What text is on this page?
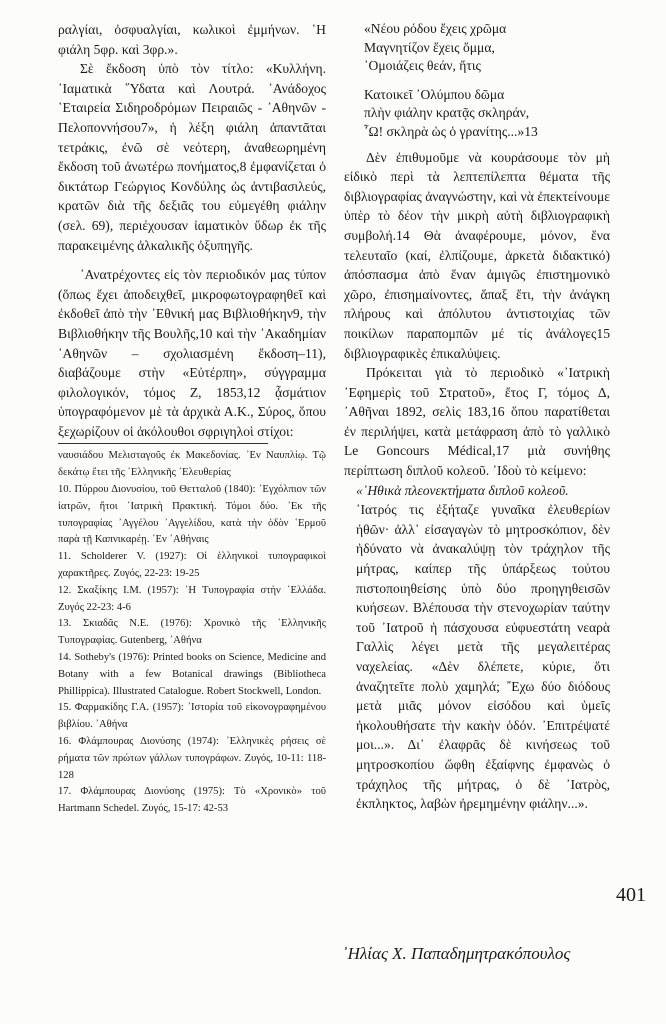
ραλγίαι, ὀσφυαλγίαι, κωλικοὶ ἐμμήνων. ῾Η φιάλη 5φρ. καὶ 3φρ.».

Σὲ ἔκδοση ὑπὸ τὸν τίτλο: «Κυλλήνη. ᾿Ιαματικὰ ῞Υδατα καὶ Λουτρά. ᾿Ανάδοχος ῾Εταιρεία Σιδηροδρόμων Πειραιῶς - ᾿Αθηνῶν - Πελοποννήσου7», ἡ λέξη φιάλη ἀπαντᾶται τετράκις, ἐνῶ σὲ νεότερη, ἀναθεωρημένη ἔκδοση τοῦ ἀνωτέρω πονήματος,8 ἐμφανίζεται ὁ δικτάτωρ Γεώργιος Κονδύλης ὡς ἀντιβασιλεύς, κρατῶν διὰ τῆς δεξιᾶς του εὐμεγέθη φιάλην (σελ. 69), περιέχουσαν ἰαματικὸν ὕδωρ ἐκ τῆς παρακειμένης ἀλκαλικῆς ὀξυπηγῆς.

᾿Ανατρέχοντες εἰς τὸν περιοδικόν μας τύπον (ὅπως ἔχει ἀποδειχθεῖ, μικροφωτογραφηθεῖ καὶ ἐκδοθεῖ ἀπὸ τὴν ᾿Εθνική μας Βιβλιοθήκην9, τὴν Βιβλιοθήκην τῆς Βουλῆς,10 καὶ τὴν ᾿Ακαδημίαν ᾿Αθηνῶν – σχολιασμένη ἔκδοση–11), διαβάζουμε στὴν «Εὐτέρπη», σύγγραμμα φιλολογικόν, τόμος Ζ, 1853,12 ᾆσμάτιον ὑπογραφόμενον μὲ τὰ ἀρχικὰ Α.Κ., Σύρος, ὅπου ξεχωρίζουν οἱ ἀκόλουθοι σφριγηλοὶ στίχοι:

ναυσιάδου Μελισταγοῦς ἐκ Μακεδονίας. ᾿Εν Ναυπλίῳ. Τῷ δεκάτῳ ἔτει τῆς ῾Ελληνικῆς ᾿Ελευθερίας

10. Πύρρου Διονυσίου, τοῦ Θετταλοῦ (1840): ᾿Εγχόλπιον τῶν ἰατρῶν, ἤτοι ᾿Ιατρικὴ Πρακτική. Τόμοι δύο. ᾿Εκ τῆς τυπογραφίας ᾿Αγγέλου ᾿Αγγελίδου, κατὰ τὴν ὁδὸν ῾Ερμοῦ παρὰ τῇ Καπνικαρέῃ. ᾿Εν ᾿Αθήναις

11. Scholderer V. (1927): Οἱ ἑλληνικοὶ τυπογραφικοὶ χαρακτῆρες. Ζυγός, 22-23: 19-25

12. Σκαξίκης Ι.Μ. (1957): ῾Η Τυπογραφία στὴν ῾Ελλάδα. Ζυγός 22-23: 4-6

13. Σκιαδᾶς Ν.Ε. (1976): Χρονικὸ τῆς ῾Ελληνικῆς Τυπογραφίας. Gutenberg, ᾿Αθήνα

14. Sotheby's (1976): Printed books on Science, Medicine and Botany with a few Botanical drawings (Bibliotheca Phillippica). Illustrated Catalogue. Robert Stockwell, London.

15. Φαρμακίδης Γ.Α. (1957): ᾿Ιστορία τοῦ εἰκονογραφημένου βιβλίου. ᾿Αθήνα

16. Φλάμπουρας Διονύσης (1974): ᾿Ελληνικὲς ρήσεις σὲ ρήματα τῶν πρώτων γάλλων τυπογράφων. Ζυγός, 10-11: 118-128

17. Φλάμπουρας Διονύσης (1975): Τὸ «Χρονικὸ» τοῦ Hartmann Schedel. Ζυγός, 15-17: 42-53

«Νέου ρόδου ἔχεις χρῶμα
Μαγνητίζον ἔχεις ὄμμα,
᾿Ομοιάζεις θεάν, ἥτις
Κατοικεῖ ᾿Ολύμπου δῶμα
πλὴν φιάλην κρατᾷς σκληράν,
῏Ω! σκληρὰ ὡς ὁ γρανίτης...»13

Δὲν ἐπιθυμοῦμε νὰ κουράσουμε τὸν μὴ εἰδικὸ περὶ τὰ λεπτεπίλεπτα θέματα τῆς διβλιογραφίας ἀναγνώστην, καὶ νὰ ἐπεκτείνουμε ὑπὲρ τὸ δέον τὴν μικρὴ αὐτὴ διβλιογραφικὴ συμβολή.14 Θὰ ἀναφέρουμε, μόνον, ἕνα τελευταῖο (καί, ἐλπίζουμε, ἀρκετὰ διδακτικό) ἀπόσπασμα ἀπὸ ἕναν ἀμιγῶς ἐπιστημονικὸ χῶρο, ἐπισημαίνοντες, ἅπαξ ἔτι, τὴν ἀνάγκη πλήρους καὶ ἀπόλυτου ἀντιστοιχίας τῶν ποικίλων παραπομπῶν μέ τίς ἀνάλογες15 διβλιογραφικὲς ἐπικαλύψεις.

Πρόκειται γιὰ τὸ περιοδικὸ «᾿Ιατρικὴ ᾿Εφημερὶς τοῦ Στρατοῦ», ἔτος Γ, τόμος Δ, ᾿Αθῆναι 1892, σελὶς 183,16 ὅπου παρατίθεται ἐν περιλήψει, κατὰ μετάφραση ἀπὸ τὸ γαλλικὸ Le Goncours Médical,17 μιὰ συνήθης περίπτωση διπλοῦ κολεοῦ. ᾿Ιδοὺ τὸ κείμενο:

«᾿Ηθικὰ πλεονεκτήματα διπλοῦ κολεοῦ.

᾿Ιατρός τις ἐξήταζε γυναῖκα ἐλευθερίων ἠθῶν· ἀλλ᾿ εἰσαγαγὼν τὸ μητροσκόπιον, δὲν ἠδύνατο νὰ ἀνακαλύψῃ τὸν τράχηλον τῆς μήτρας, καίπερ τῆς ὑπάρξεως τούτου πιστοποιηθείσης ὑπὸ δύο προηγηθεισῶν κυήσεων. Βλέπουσα τὴν στενοχωρίαν ταύτην τοῦ ᾿Ιατροῦ ἡ πάσχουσα εὐφυεστάτη νεαρὰ Γαλλὶς λέγει μετὰ τῆς μεγαλειτέρας ναχελείας. «Δὲν δλέπετε, κύριε, ὅτι ἀναζητεῖτε πολὺ χαμηλά; ῎Εχω δύο διόδους μετὰ μιᾶς μόνον εἰσόδου καὶ ὑμεῖς ἠκολουθήσατε τὴν κακὴν ὁδόν. ᾿Επιτρέψατέ μοι...». Δι᾿ ἐλαφρᾶς δὲ κινήσεως τοῦ μητροσκοπίου ὤφθη ἐξαίφνης ἐμφανὼς ὁ τράχηλος τῆς μήτρας, ὁ δὲ ᾿Ιατρὸς, ἐκπληκτος, λαβὼν ἠρεμημένην φιάλην...».

401
᾿Ηλίας Χ. Παπαδημητρακόπουλος
